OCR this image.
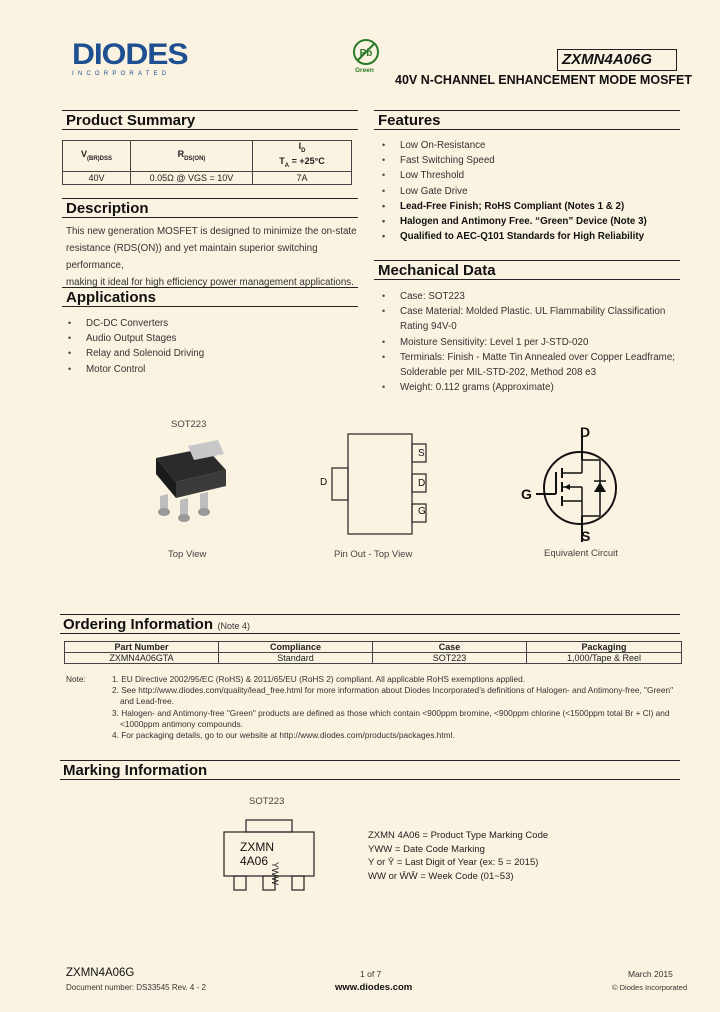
DIODES
INCORPORATED
Pb
Green
ZXMN4A06G
40V N-CHANNEL ENHANCEMENT MODE MOSFET
Product Summary
$V_{(BR)DSS}$	$R_{DS(ON)}$	$I_D$
$T_A = +25^\circ C$
40V	0.05Ω @ VGS = 10V	7A
Description
This new generation MOSFET is designed to minimize the on-state
resistance (RDS(ON)) and yet maintain superior switching performance,
making it ideal for high efficiency power management applications.
Applications
• DC-DC Converters
• Audio Output Stages
• Relay and Solenoid Driving
• Motor Control
Features
• Low On-Resistance
• Fast Switching Speed
• Low Threshold
• Low Gate Drive
• Lead-Free Finish; RoHS Compliant (Notes 1 & 2)
• Halogen and Antimony Free. “Green” Device (Note 3)
• Qualified to AEC-Q101 Standards for High Reliability
Mechanical Data
• Case: SOT223
• Case Material: Molded Plastic. UL Flammability Classification Rating 94V-0
• Moisture Sensitivity: Level 1 per J-STD-020
• Terminals: Finish - Matte Tin Annealed over Copper Leadframe; Solderable per MIL-STD-202, Method 208 e3
• Weight: 0.112 grams (Approximate)
SOT223
Top View
D
S
D
G
Pin Out - Top View
D
G
S
Equivalent Circuit
Ordering Information (Note 4)
Part Number	Compliance	Case	Packaging
ZXMN4A06GTA	Standard	SOT223	1,000/Tape & Reel
Note:	1. EU Directive 2002/95/EC (RoHS) & 2011/65/EU (RoHS 2) compliant. All applicable RoHS exemptions applied.
2. See http://www.diodes.com/quality/lead_free.html for more information about Diodes Incorporated’s definitions of Halogen- and Antimony-free, "Green"
and Lead-free.
3. Halogen- and Antimony-free "Green" products are defined as those which contain <900ppm bromine, <900ppm chlorine (<1500ppm total Br + Cl) and
<1000ppm antimony compounds.
4. For packaging details, go to our website at http://www.diodes.com/products/packages.html.
Marking Information
SOT223
ZXMN
4A06
YWW
ZXMN 4A06 = Product Type Marking Code
YWW = Date Code Marking
Y or Ȳ = Last Digit of Year (ex: 5 = 2015)
WW or W̄W̄ = Week Code (01~53)
ZXMN4A06G
Document number: DS33545 Rev. 4 - 2
1 of 7
www.diodes.com
March 2015
© Diodes Incorporated
